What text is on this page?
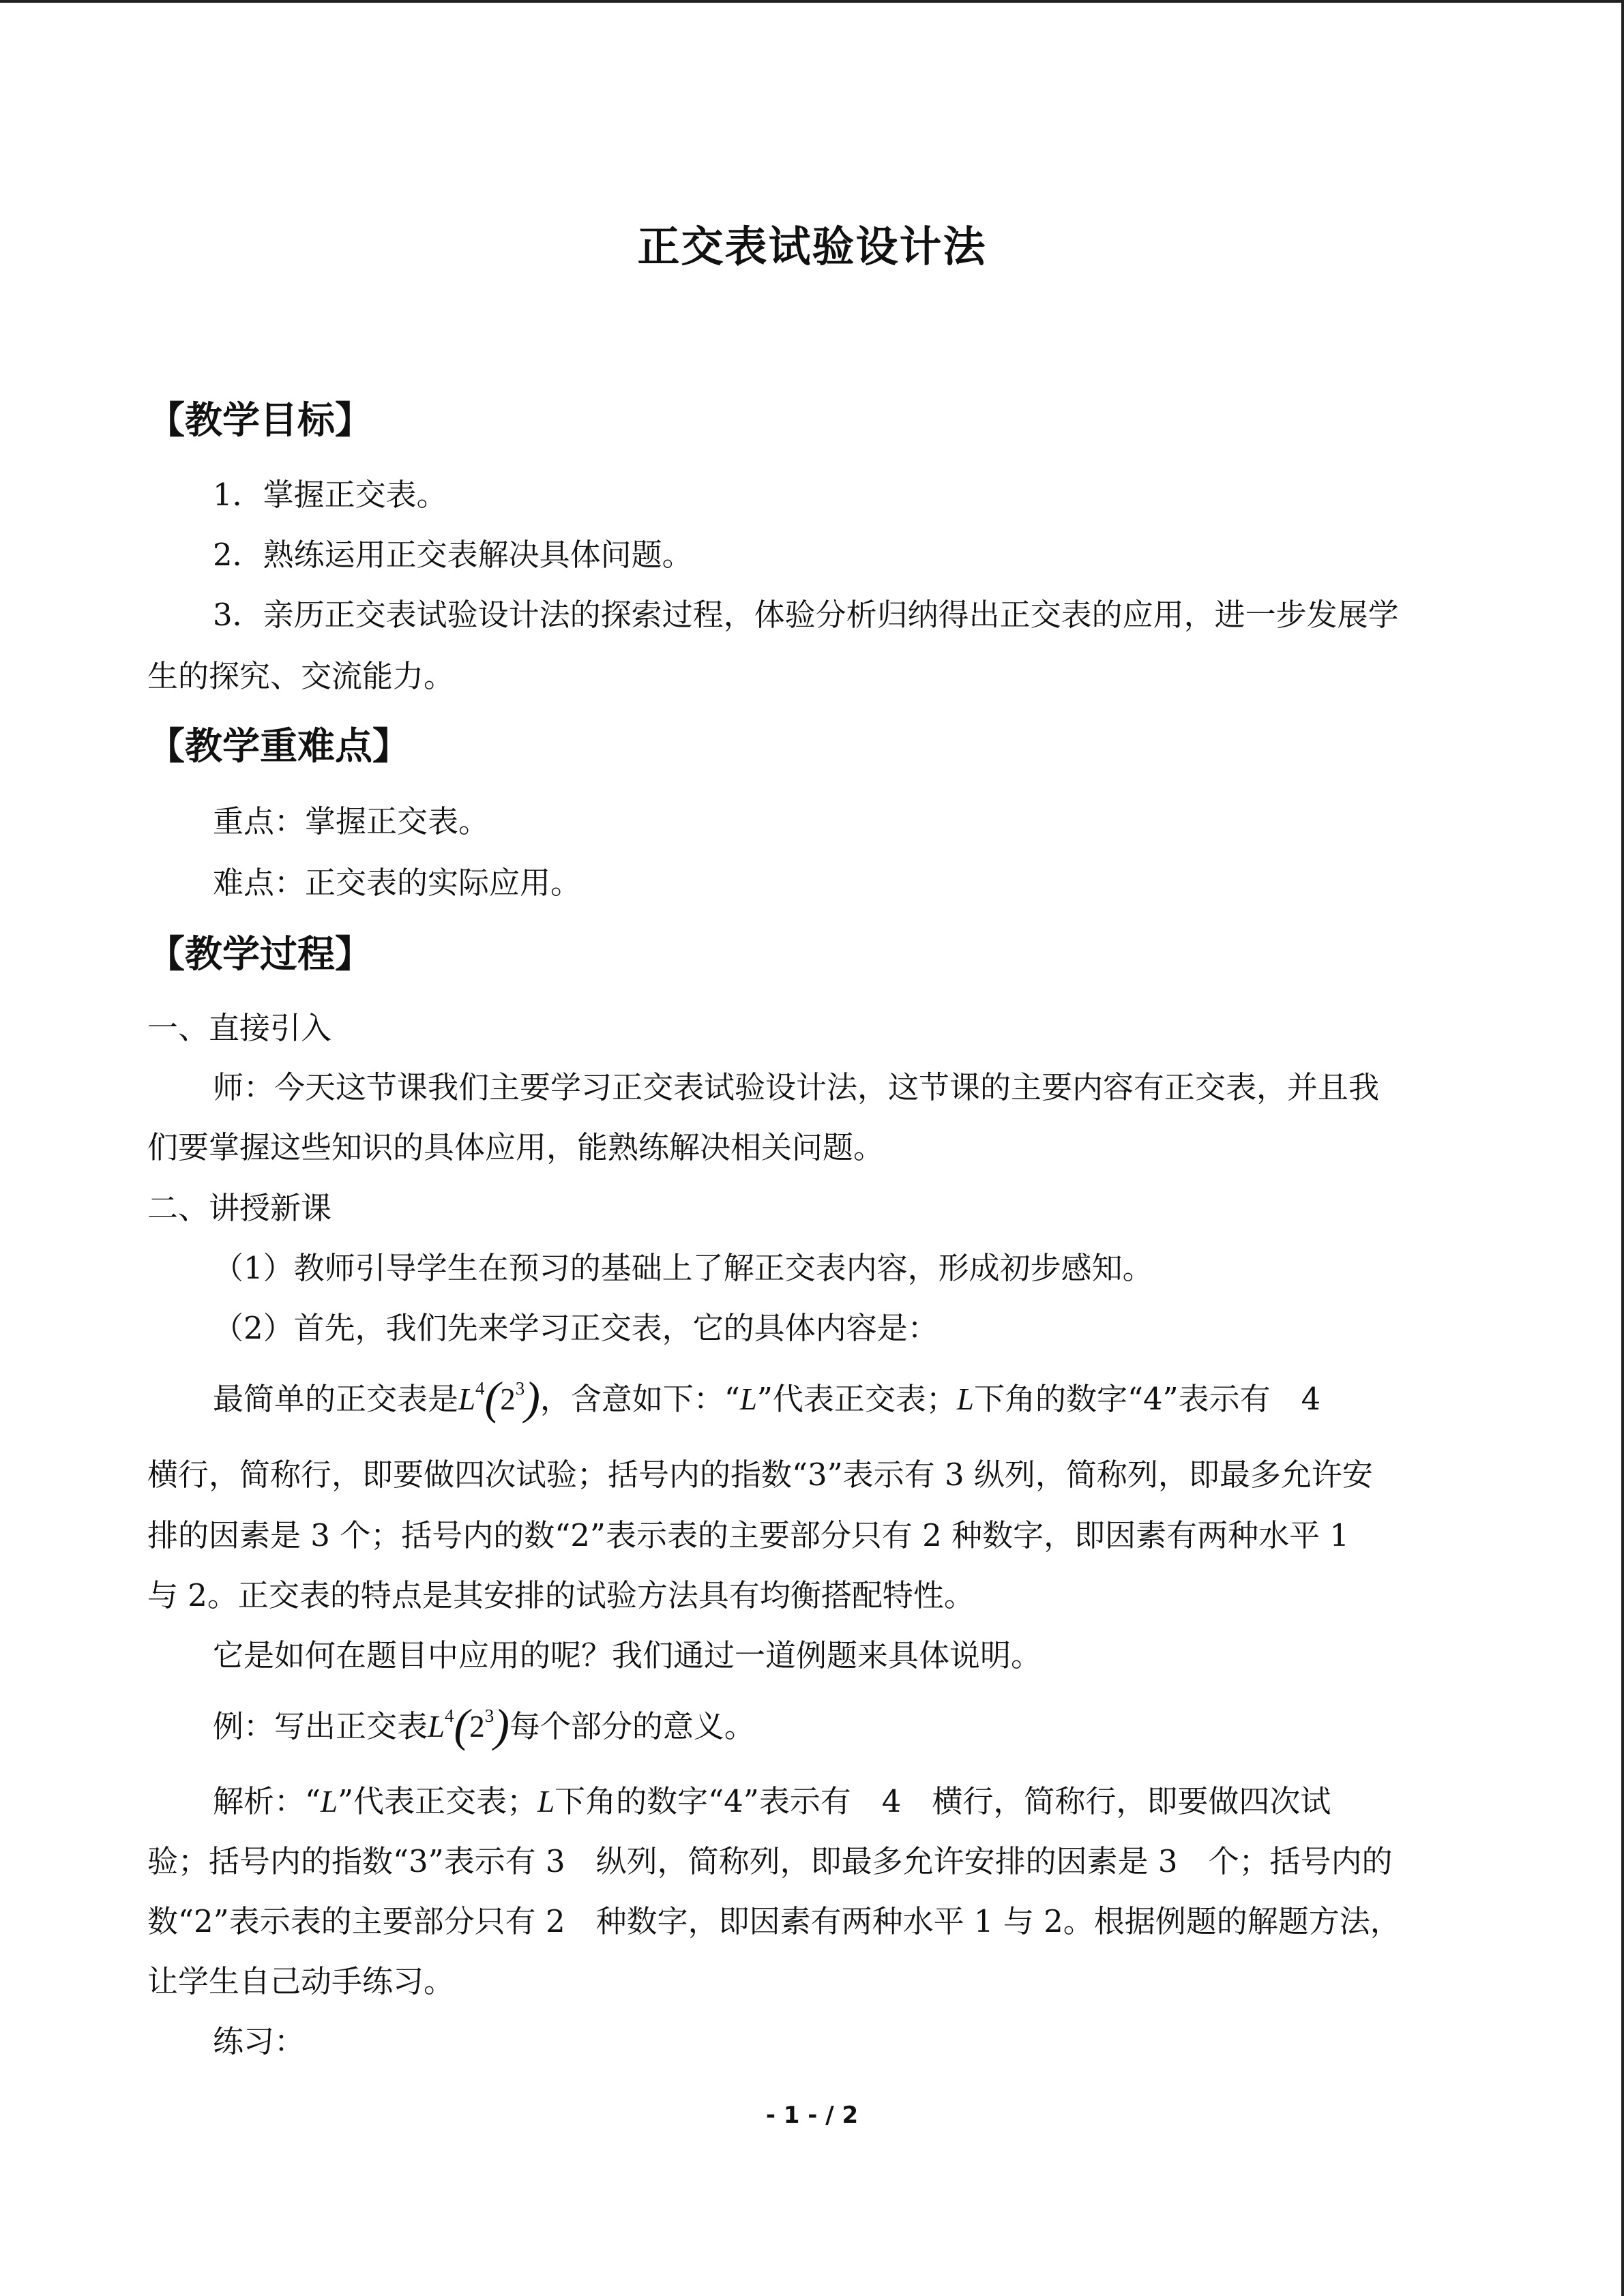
正交表试验设计法
【教学目标】
1．掌握正交表。
2．熟练运用正交表解决具体问题。
3．亲历正交表试验设计法的探索过程，体验分析归纳得出正交表的应用，进一步发展学
生的探究、交流能力。
【教学重难点】
重点：掌握正交表。
难点：正交表的实际应用。
【教学过程】
一、直接引入
师：今天这节课我们主要学习正交表试验设计法，这节课的主要内容有正交表，并且我
们要掌握这些知识的具体应用，能熟练解决相关问题。
二、讲授新课
（1）教师引导学生在预习的基础上了解正交表内容，形成初步感知。
（2）首先，我们先来学习正交表，它的具体内容是：
最简单的正交表是$L^4(2^3)$，含意如下：“L”代表正交表；L下角的数字“4”表示有　4
横行，简称行，即要做四次试验；括号内的指数“3”表示有 3 纵列，简称列，即最多允许安
排的因素是 3 个；括号内的数“2”表示表的主要部分只有 2 种数字，即因素有两种水平 1
与 2。正交表的特点是其安排的试验方法具有均衡搭配特性。
它是如何在题目中应用的呢？我们通过一道例题来具体说明。
例：写出正交表$L^4(2^3)$每个部分的意义。
解析：“L”代表正交表；L下角的数字“4”表示有　4　横行，简称行，即要做四次试
验；括号内的指数“3”表示有 3　纵列，简称列，即最多允许安排的因素是 3　个；括号内的
数“2”表示表的主要部分只有 2　种数字，即因素有两种水平 1 与 2。根据例题的解题方法，
让学生自己动手练习。
练习：
- 1 - / 2
